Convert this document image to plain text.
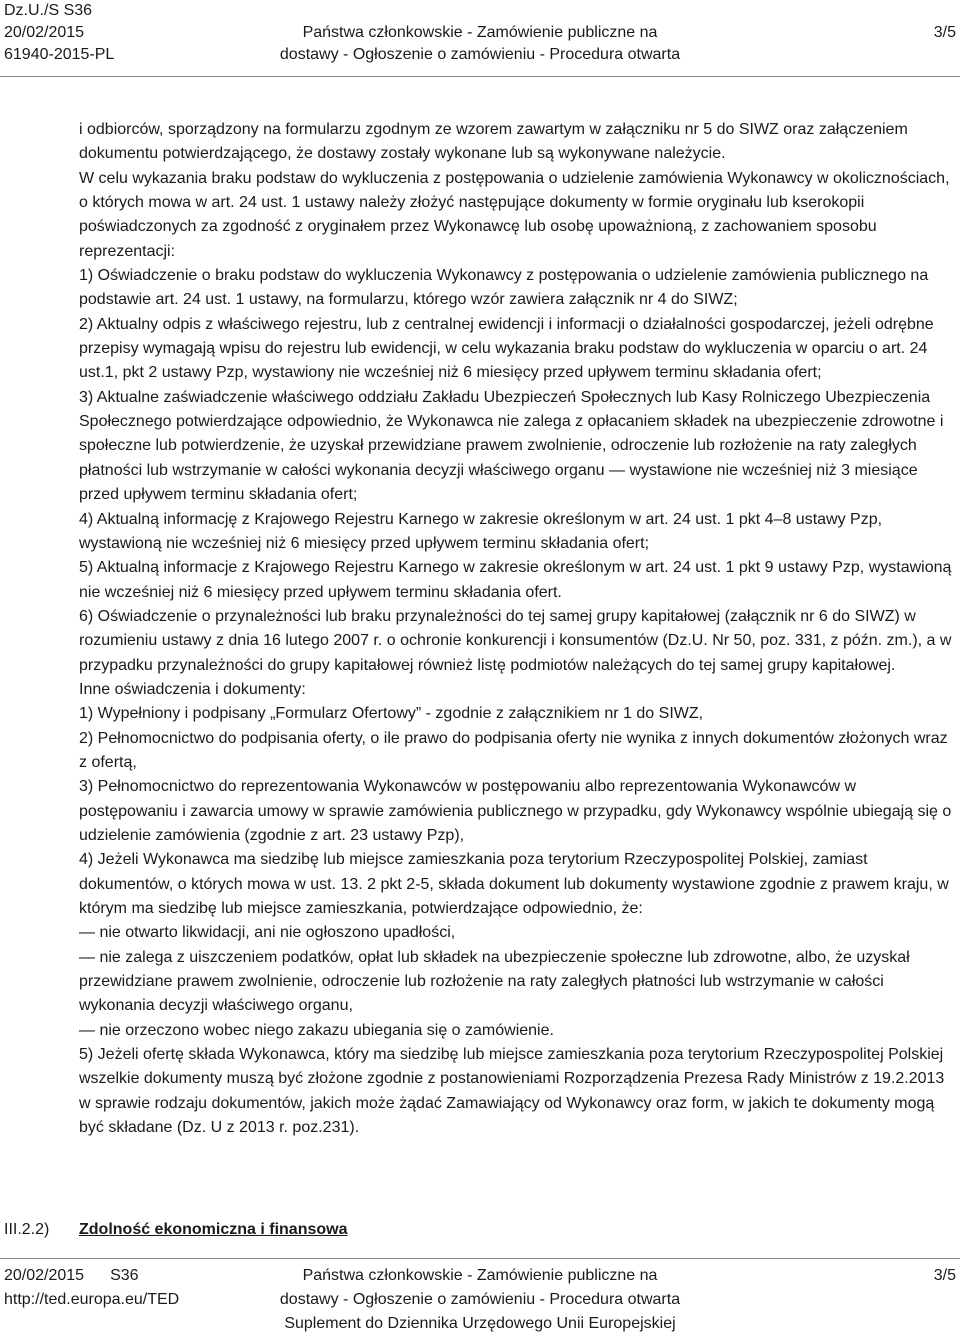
Dz.U./S S36
20/02/2015
61940-2015-PL
Państwa członkowskie - Zamówienie publiczne na
dostawy - Ogłoszenie o zamówieniu - Procedura otwarta
3/5

i odbiorców, sporządzony na formularzu zgodnym ze wzorem zawartym w załączniku nr 5 do SIWZ oraz załączeniem dokumentu potwierdzającego, że dostawy zostały wykonane lub są wykonywane należycie.

W celu wykazania braku podstaw do wykluczenia z postępowania o udzielenie zamówienia Wykonawcy w okolicznościach, o których mowa w art. 24 ust. 1 ustawy należy złożyć następujące dokumenty w formie oryginału lub kserokopii poświadczonych za zgodność z oryginałem przez Wykonawcę lub osobę upoważnioną, z zachowaniem sposobu reprezentacji:

1) Oświadczenie o braku podstaw do wykluczenia Wykonawcy z postępowania o udzielenie zamówienia publicznego na podstawie art. 24 ust. 1 ustawy, na formularzu, którego wzór zawiera załącznik nr 4 do SIWZ;

2) Aktualny odpis z właściwego rejestru, lub z centralnej ewidencji i informacji o działalności gospodarczej, jeżeli odrębne przepisy wymagają wpisu do rejestru lub ewidencji, w celu wykazania braku podstaw do wykluczenia w oparciu o art. 24 ust.1, pkt 2 ustawy Pzp, wystawiony nie wcześniej niż 6 miesięcy przed upływem terminu składania ofert;

3) Aktualne zaświadczenie właściwego oddziału Zakładu Ubezpieczeń Społecznych lub Kasy Rolniczego Ubezpieczenia Społecznego potwierdzające odpowiednio, że Wykonawca nie zalega z opłacaniem składek na ubezpieczenie zdrowotne i społeczne lub potwierdzenie, że uzyskał przewidziane prawem zwolnienie, odroczenie lub rozłożenie na raty zaległych płatności lub wstrzymanie w całości wykonania decyzji właściwego organu — wystawione nie wcześniej niż 3 miesiące przed upływem terminu składania ofert;

4) Aktualną informację z Krajowego Rejestru Karnego w zakresie określonym w art. 24 ust. 1 pkt 4–8 ustawy Pzp, wystawioną nie wcześniej niż 6 miesięcy przed upływem terminu składania ofert;

5) Aktualną informacje z Krajowego Rejestru Karnego w zakresie określonym w art. 24 ust. 1 pkt 9 ustawy Pzp, wystawioną nie wcześniej niż 6 miesięcy przed upływem terminu składania ofert.

6) Oświadczenie o przynależności lub braku przynależności do tej samej grupy kapitałowej (załącznik nr 6 do SIWZ) w rozumieniu ustawy z dnia 16 lutego 2007 r. o ochronie konkurencji i konsumentów (Dz.U. Nr 50, poz. 331, z późn. zm.), a w przypadku przynależności do grupy kapitałowej również listę podmiotów należących do tej samej grupy kapitałowej.

Inne oświadczenia i dokumenty:

1) Wypełniony i podpisany „Formularz Ofertowy” - zgodnie z załącznikiem nr 1 do SIWZ,

2) Pełnomocnictwo do podpisania oferty, o ile prawo do podpisania oferty nie wynika z innych dokumentów złożonych wraz z ofertą,

3) Pełnomocnictwo do reprezentowania Wykonawców w postępowaniu albo reprezentowania Wykonawców w postępowaniu i zawarcia umowy w sprawie zamówienia publicznego w przypadku, gdy Wykonawcy wspólnie ubiegają się o udzielenie zamówienia (zgodnie z art. 23 ustawy Pzp),

4) Jeżeli Wykonawca ma siedzibę lub miejsce zamieszkania poza terytorium Rzeczypospolitej Polskiej, zamiast dokumentów, o których mowa w ust. 13. 2 pkt 2-5, składa dokument lub dokumenty wystawione zgodnie z prawem kraju, w którym ma siedzibę lub miejsce zamieszkania, potwierdzające odpowiednio, że:

— nie otwarto likwidacji, ani nie ogłoszono upadłości,

— nie zalega z uiszczeniem podatków, opłat lub składek na ubezpieczenie społeczne lub zdrowotne, albo, że uzyskał przewidziane prawem zwolnienie, odroczenie lub rozłożenie na raty zaległych płatności lub wstrzymanie w całości wykonania decyzji właściwego organu,

— nie orzeczono wobec niego zakazu ubiegania się o zamówienie.

5) Jeżeli ofertę składa Wykonawca, który ma siedzibę lub miejsce zamieszkania poza terytorium Rzeczypospolitej Polskiej wszelkie dokumenty muszą być złożone zgodnie z postanowieniami Rozporządzenia Prezesa Rady Ministrów z 19.2.2013 w sprawie rodzaju dokumentów, jakich może żądać Zamawiający od Wykonawcy oraz form, w jakich te dokumenty mogą być składane (Dz. U z 2013 r. poz.231).

III.2.2) Zdolność ekonomiczna i finansowa
20/02/2015 S36
http://ted.europa.eu/TED
Państwa członkowskie - Zamówienie publiczne na
dostawy - Ogłoszenie o zamówieniu - Procedura otwarta
Suplement do Dziennika Urzędowego Unii Europejskiej
3/5
